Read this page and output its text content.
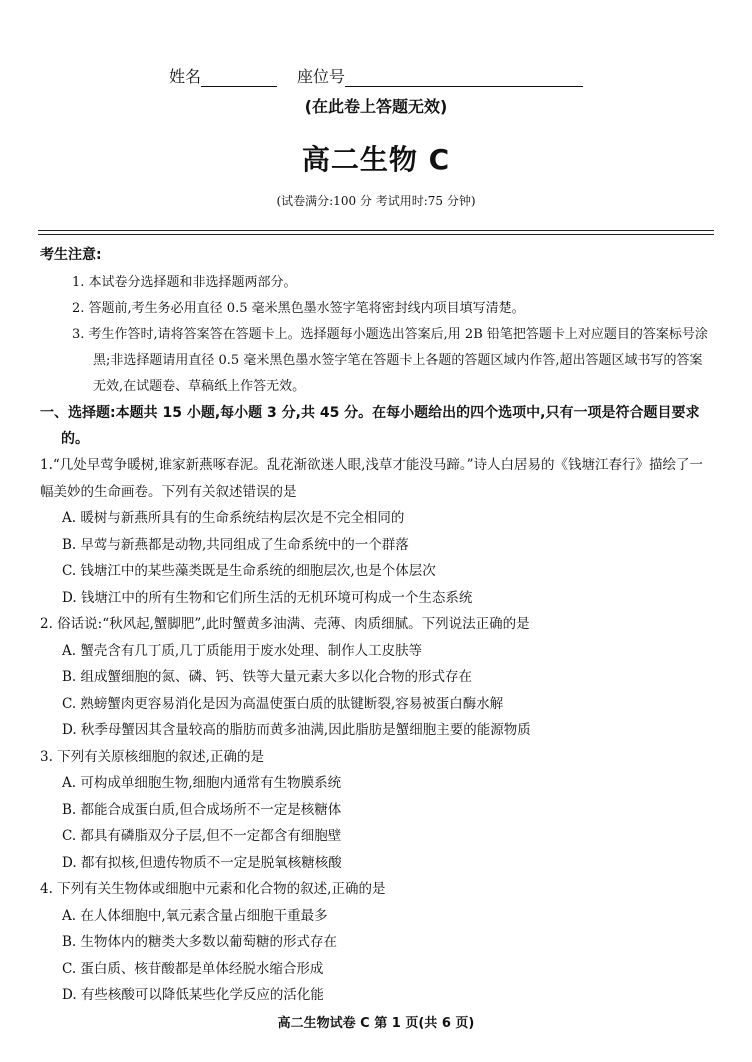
姓名	座位号
(在此卷上答题无效)
高二生物 C
(试卷满分:100 分 考试用时:75 分钟)
考生注意:

1. 本试卷分选择题和非选择题两部分。

2. 答题前,考生务必用直径 0.5 毫米黑色墨水签字笔将密封线内项目填写清楚。

3. 考生作答时,请将答案答在答题卡上。选择题每小题选出答案后,用 2B 铅笔把答题卡上对应题目的答案标号涂黑;非选择题请用直径 0.5 毫米黑色墨水签字笔在答题卡上各题的答题区域内作答,超出答题区域书写的答案无效,在试题卷、草稿纸上作答无效。

一、选择题:本题共 15 小题,每小题 3 分,共 45 分。在每小题给出的四个选项中,只有一项是符合题目要求的。

1.“几处早莺争暖树,谁家新燕啄春泥。乱花渐欲迷人眼,浅草才能没马蹄。”诗人白居易的《钱塘江春行》描绘了一幅美妙的生命画卷。下列有关叙述错误的是

A. 暖树与新燕所具有的生命系统结构层次是不完全相同的

B. 早莺与新燕都是动物,共同组成了生命系统中的一个群落

C. 钱塘江中的某些藻类既是生命系统的细胞层次,也是个体层次

D. 钱塘江中的所有生物和它们所生活的无机环境可构成一个生态系统

2. 俗话说:“秋风起,蟹脚肥”,此时蟹黄多油满、壳薄、肉质细腻。下列说法正确的是

A. 蟹壳含有几丁质,几丁质能用于废水处理、制作人工皮肤等

B. 组成蟹细胞的氮、磷、钙、铁等大量元素大多以化合物的形式存在

C. 熟螃蟹肉更容易消化是因为高温使蛋白质的肽键断裂,容易被蛋白酶水解

D. 秋季母蟹因其含量较高的脂肪而黄多油满,因此脂肪是蟹细胞主要的能源物质

3. 下列有关原核细胞的叙述,正确的是

A. 可构成单细胞生物,细胞内通常有生物膜系统

B. 都能合成蛋白质,但合成场所不一定是核糖体

C. 都具有磷脂双分子层,但不一定都含有细胞壁

D. 都有拟核,但遗传物质不一定是脱氧核糖核酸

4. 下列有关生物体或细胞中元素和化合物的叙述,正确的是

A. 在人体细胞中,氧元素含量占细胞干重最多

B. 生物体内的糖类大多数以葡萄糖的形式存在

C. 蛋白质、核苷酸都是单体经脱水缩合形成

D. 有些核酸可以降低某些化学反应的活化能

高二生物试卷 C 第 1 页(共 6 页)
